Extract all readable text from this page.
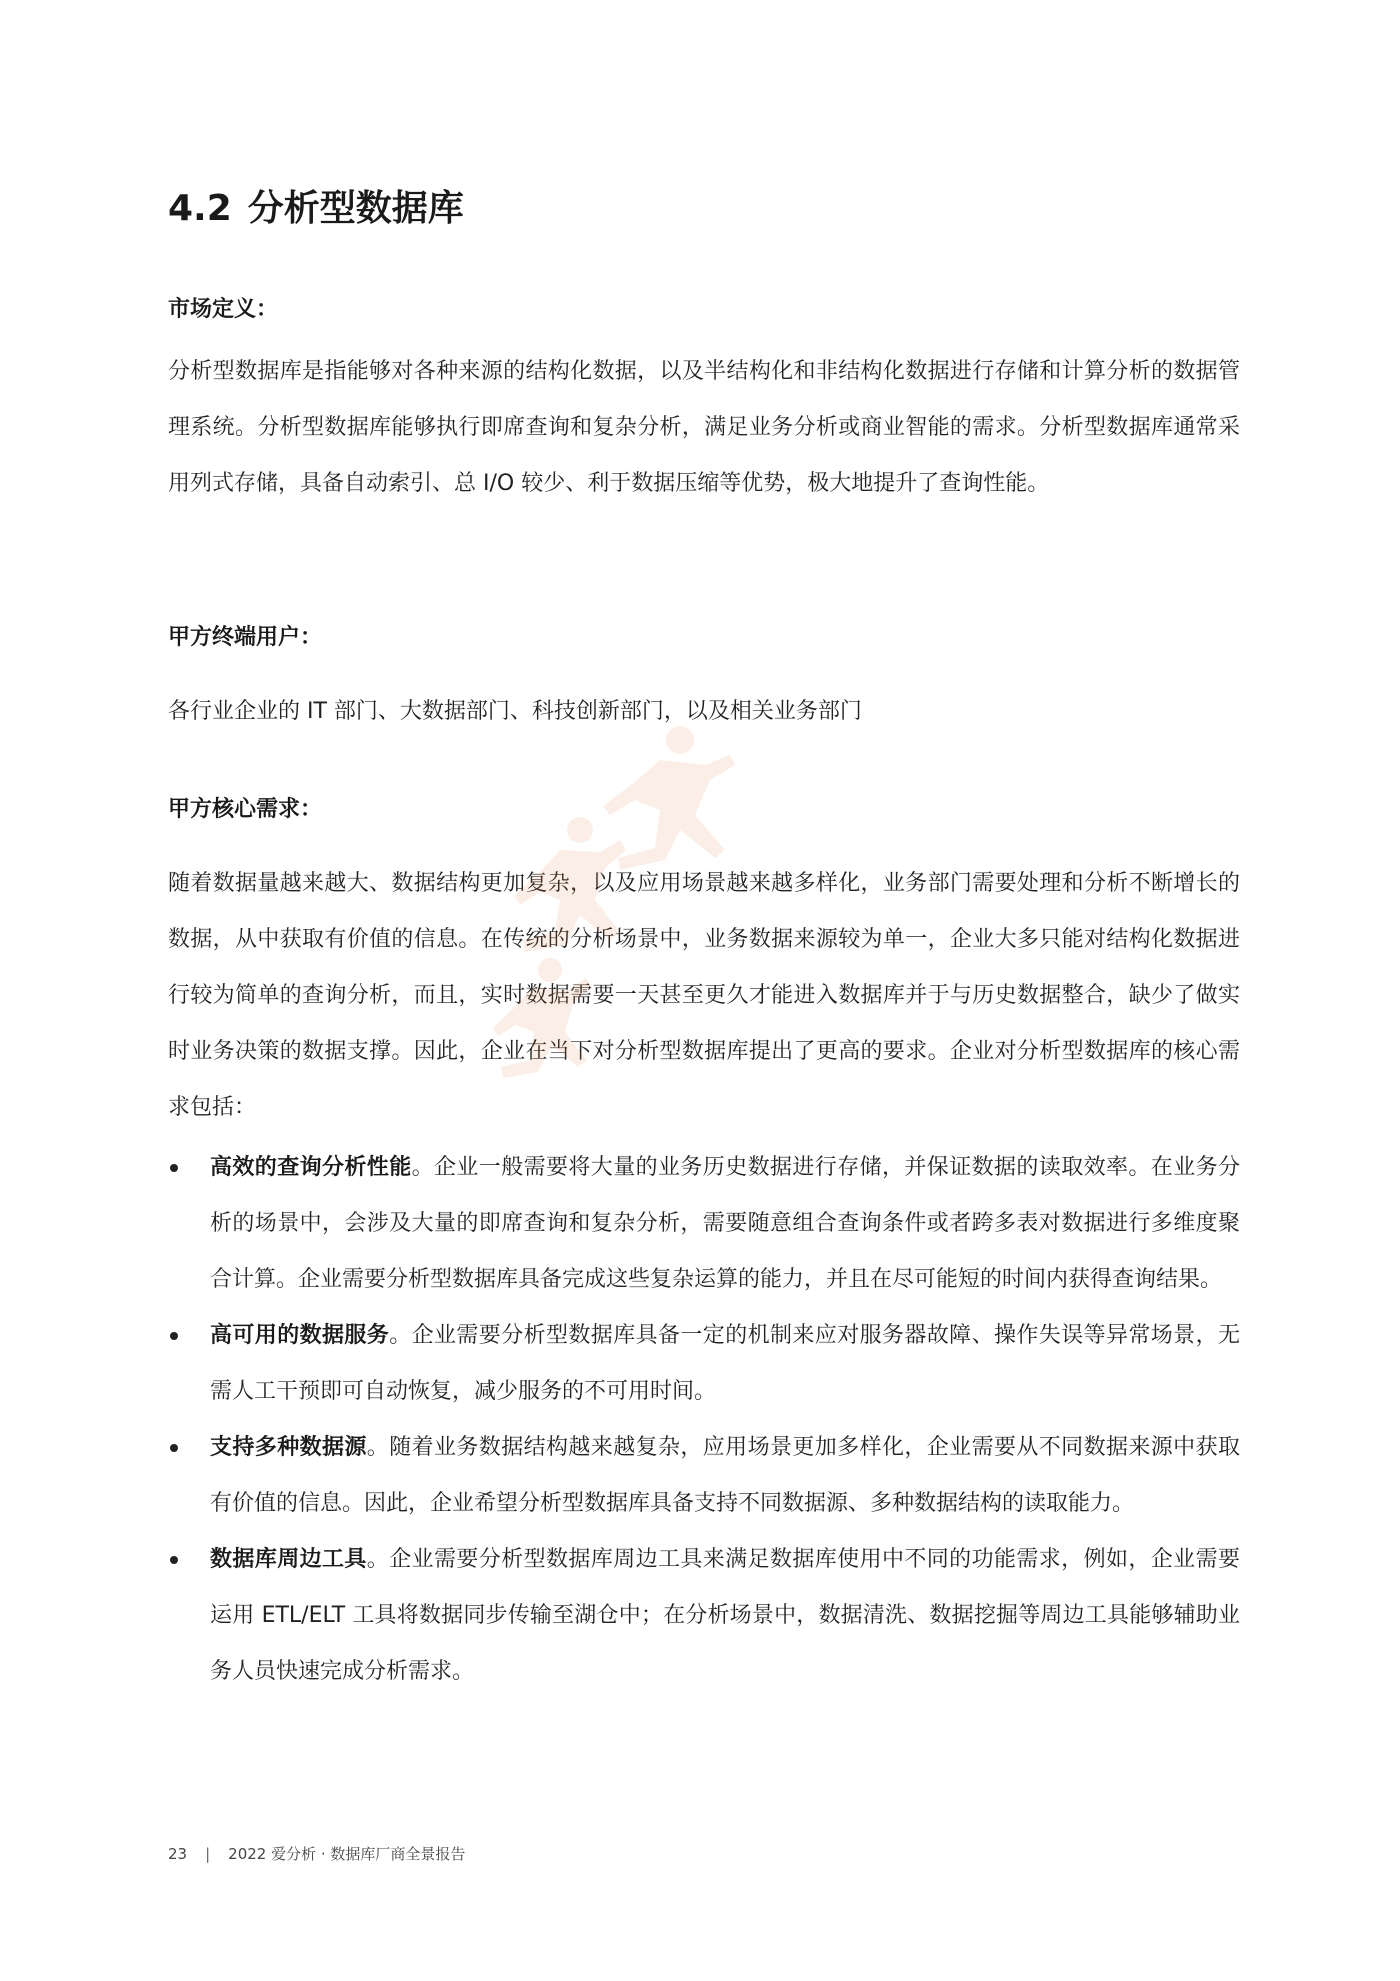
4.2 分析型数据库
市场定义：
分析型数据库是指能够对各种来源的结构化数据，以及半结构化和非结构化数据进行存储和计算分析的数据管理系统。分析型数据库能够执行即席查询和复杂分析，满足业务分析或商业智能的需求。分析型数据库通常采用列式存储，具备自动索引、总 I/O 较少、利于数据压缩等优势，极大地提升了查询性能。
甲方终端用户：
各行业企业的 IT 部门、大数据部门、科技创新部门，以及相关业务部门
甲方核心需求：
随着数据量越来越大、数据结构更加复杂，以及应用场景越来越多样化，业务部门需要处理和分析不断增长的数据，从中获取有价值的信息。在传统的分析场景中，业务数据来源较为单一，企业大多只能对结构化数据进行较为简单的查询分析，而且，实时数据需要一天甚至更久才能进入数据库并于与历史数据整合，缺少了做实时业务决策的数据支撑。因此，企业在当下对分析型数据库提出了更高的要求。企业对分析型数据库的核心需求包括：
高效的查询分析性能。企业一般需要将大量的业务历史数据进行存储，并保证数据的读取效率。在业务分析的场景中，会涉及大量的即席查询和复杂分析，需要随意组合查询条件或者跨多表对数据进行多维度聚合计算。企业需要分析型数据库具备完成这些复杂运算的能力，并且在尽可能短的时间内获得查询结果。
高可用的数据服务。企业需要分析型数据库具备一定的机制来应对服务器故障、操作失误等异常场景，无需人工干预即可自动恢复，减少服务的不可用时间。
支持多种数据源。随着业务数据结构越来越复杂，应用场景更加多样化，企业需要从不同数据来源中获取有价值的信息。因此，企业希望分析型数据库具备支持不同数据源、多种数据结构的读取能力。
数据库周边工具。企业需要分析型数据库周边工具来满足数据库使用中不同的功能需求，例如，企业需要运用 ETL/ELT 工具将数据同步传输至湖仓中；在分析场景中，数据清洗、数据挖掘等周边工具能够辅助业务人员快速完成分析需求。
23 | 2022 爱分析 · 数据库厂商全景报告
